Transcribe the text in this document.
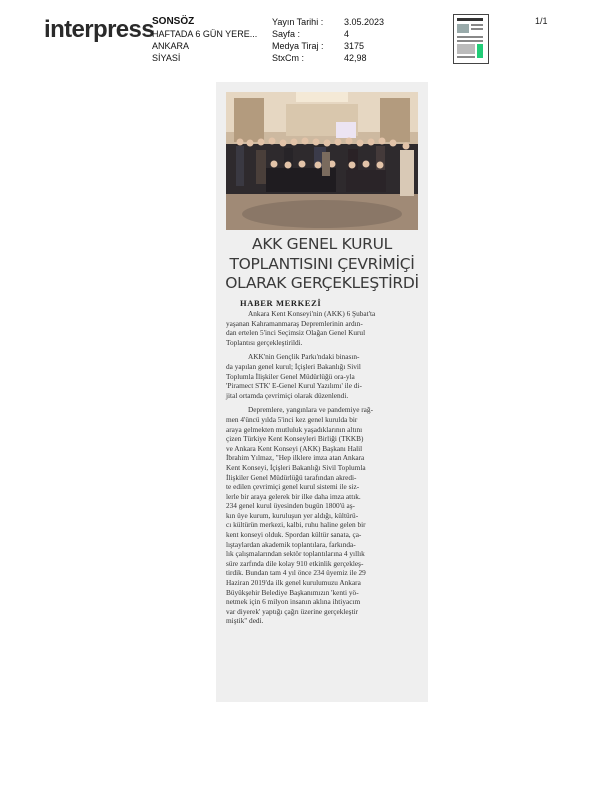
interpress
SONSÖZ
HAFTADA 6 GÜN YERE...
ANKARA
SİYASİ
Yayın Tarihi :
Sayfa :
Medya Tiraj :
StxCm :
3.05.2023
4
3175
42,98
1/1
AKK GENEL KURUL
TOPLANTISINI ÇEVRİMİÇİ
OLARAK GERÇEKLEŞTİRDİ
HABER MERKEZİ
Ankara Kent Konseyi'nin (AKK) 6 Şubat'ta
yaşanan Kahramanmaraş Depremlerinin ardın-
dan ertelen 5'inci Seçimsiz Olağan Genel Kurul
Toplantısı gerçekleştirildi.
AKK'nin Gençlik Parkı'ndaki binasın-
da yapılan genel kurul; İçişleri Bakanlığı Sivil
Toplumla İlişkiler Genel Müdürlüğü ora-yla
'Piramect STK' E-Genel Kurul Yazılımı' ile di-
jital ortamda çevrimiçi olarak düzenlendi.
Depremlere, yangınlara ve pandemiye rağ-
men 4'üncü yılda 5'inci kez genel kurulda bir
araya gelmekten mutluluk yaşadıklarının altını
çizen Türkiye Kent Konseyleri Birliği (TKKB)
ve Ankara Kent Konseyi (AKK) Başkanı Halil
İbrahim Yılmaz, "Hep ilklere imza atan Ankara
Kent Konseyi, İçişleri Bakanlığı Sivil Toplumla
İlişkiler Genel Müdürlüğü tarafından akredi-
te edilen çevrimiçi genel kurul sistemi ile siz-
lerle bir araya gelerek bir ilke daha imza attık.
234 genel kurul üyesinden bugün 1800'ü aş-
kın üye kurum, kuruluşun yer aldığı, kültürü-
cı kültürün merkezi, kalbi, ruhu haline gelen bir
kent konseyi olduk. Spordan kültür sanata, ça-
lıştaylardan akademik toplantılara, farkında-
lık çalışmalarından sektör toplantılarına 4 yıllık
süre zarfında dile kolay 910 etkinlik gerçekleş-
tirdik. Bundan tam 4 yıl önce 234 üyemiz ile 29
Haziran 2019'da ilk genel kurulumuzu Ankara
Büyükşehir Belediye Başkanımızın 'kenti yö-
netmek için 6 milyon insanın aklına ihtiyacım
var diyerek' yaptığı çağrı üzerine gerçekleştir
miştik" dedi.
